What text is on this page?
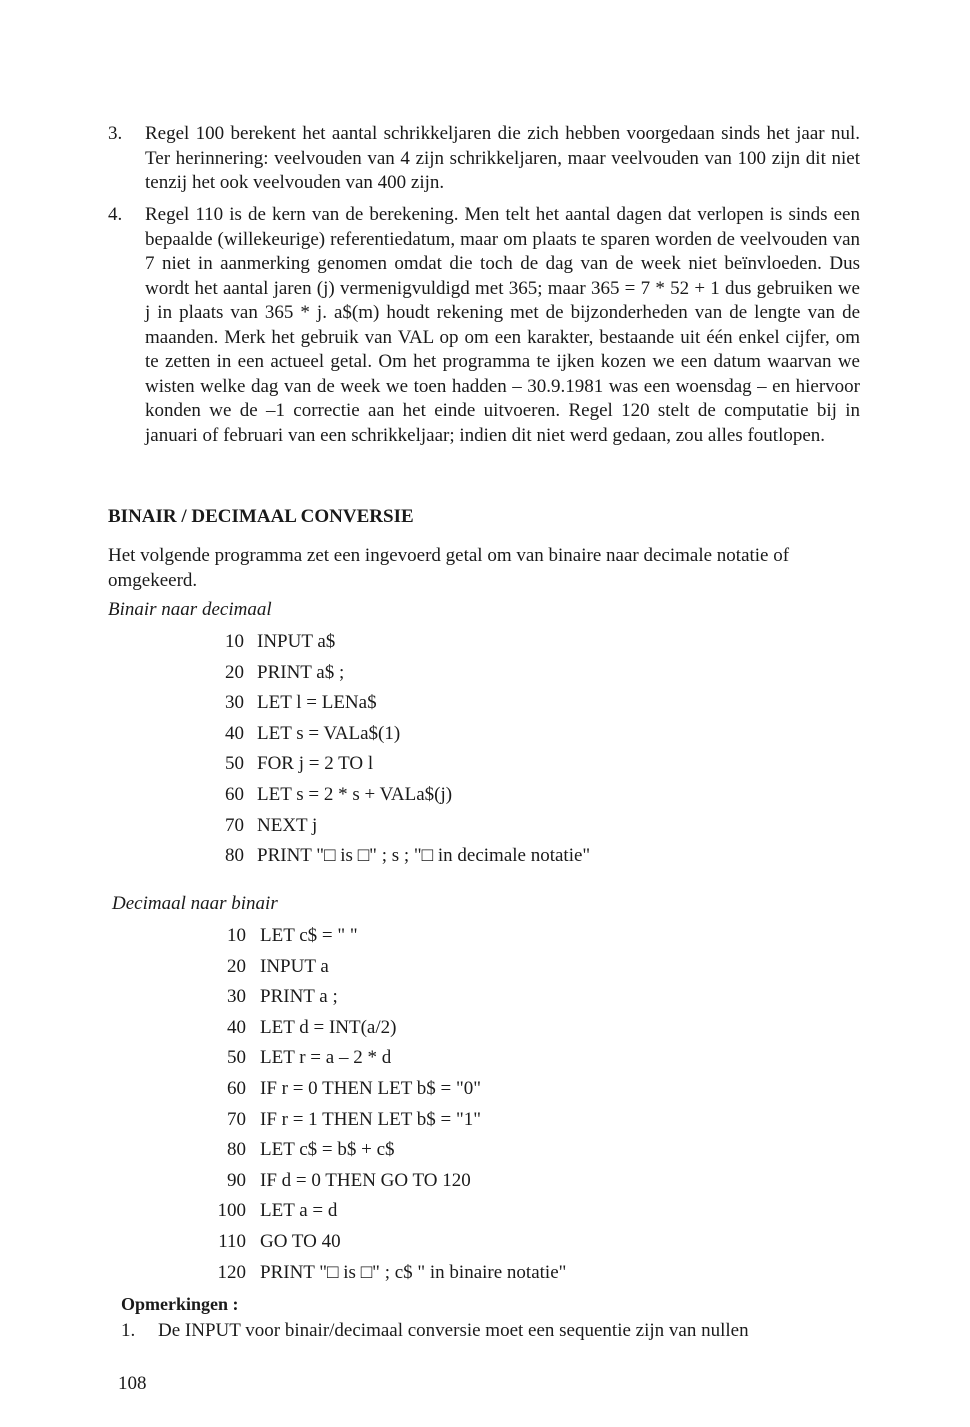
3. Regel 100 berekent het aantal schrikkeljaren die zich hebben voorgedaan sinds het jaar nul. Ter herinnering: veelvouden van 4 zijn schrikkeljaren, maar veelvouden van 100 zijn dit niet tenzij het ook veelvouden van 400 zijn.
4. Regel 110 is de kern van de berekening. Men telt het aantal dagen dat verlopen is sinds een bepaalde (willekeurige) referentiedatum, maar om plaats te sparen worden de veelvouden van 7 niet in aanmerking genomen omdat die toch de dag van de week niet beïnvloeden. Dus wordt het aantal jaren (j) vermenigvuldigd met 365; maar 365 = 7 * 52 + 1 dus gebruiken we j in plaats van 365 * j. a$(m) houdt rekening met de bijzonderheden van de lengte van de maanden. Merk het gebruik van VAL op om een karakter, bestaande uit één enkel cijfer, om te zetten in een actueel getal. Om het programma te ijken kozen we een datum waarvan we wisten welke dag van de week we toen hadden – 30.9.1981 was een woensdag – en hiervoor konden we de –1 correctie aan het einde uitvoeren. Regel 120 stelt de computatie bij in januari of februari van een schrikkeljaar; indien dit niet werd gedaan, zou alles foutlopen.
BINAIR / DECIMAAL CONVERSIE
Het volgende programma zet een ingevoerd getal om van binaire naar decimale notatie of omgekeerd.
Binair naar decimaal
10 INPUT a$
20 PRINT a$ ;
30 LET l = LENa$
40 LET s = VALa$(1)
50 FOR j = 2 TO l
60 LET s = 2 * s + VALa$(j)
70 NEXT j
80 PRINT "□ is □" ; s ; "□ in decimale notatie"
Decimaal naar binair
10 LET c$ = " "
20 INPUT a
30 PRINT a ;
40 LET d = INT(a/2)
50 LET r = a – 2 * d
60 IF r = 0 THEN LET b$ = "0"
70 IF r = 1 THEN LET b$ = "1"
80 LET c$ = b$ + c$
90 IF d = 0 THEN GO TO 120
100 LET a = d
110 GO TO 40
120 PRINT "□ is □" ; c$ " in binaire notatie"
Opmerkingen :
1. De INPUT voor binair/decimaal conversie moet een sequentie zijn van nullen
108
